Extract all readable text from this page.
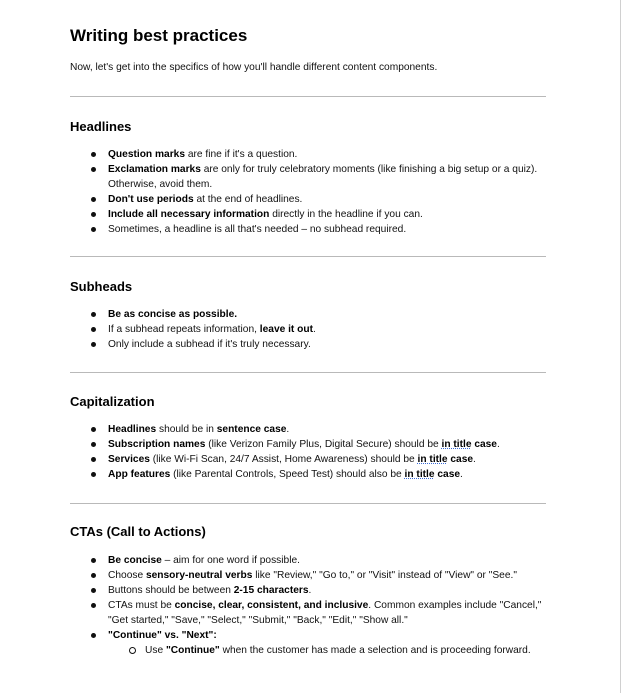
Writing best practices

Now, let's get into the specifics of how you'll handle different content components.

Headlines
Question marks are fine if it's a question.
Exclamation marks are only for truly celebratory moments (like finishing a big setup or a quiz). Otherwise, avoid them.
Don't use periods at the end of headlines.
Include all necessary information directly in the headline if you can.
Sometimes, a headline is all that's needed – no subhead required.
Subheads
Be as concise as possible.
If a subhead repeats information, leave it out.
Only include a subhead if it's truly necessary.
Capitalization
Headlines should be in sentence case.
Subscription names (like Verizon Family Plus, Digital Secure) should be in title case.
Services (like Wi-Fi Scan, 24/7 Assist, Home Awareness) should be in title case.
App features (like Parental Controls, Speed Test) should also be in title case.
CTAs (Call to Actions)
Be concise – aim for one word if possible.
Choose sensory-neutral verbs like "Review," "Go to," or "Visit" instead of "View" or "See."
Buttons should be between 2-15 characters.
CTAs must be concise, clear, consistent, and inclusive. Common examples include "Cancel," "Get started," "Save," "Select," "Submit," "Back," "Edit," "Show all."
"Continue" vs. "Next":
Use "Continue" when the customer has made a selection and is proceeding forward.
